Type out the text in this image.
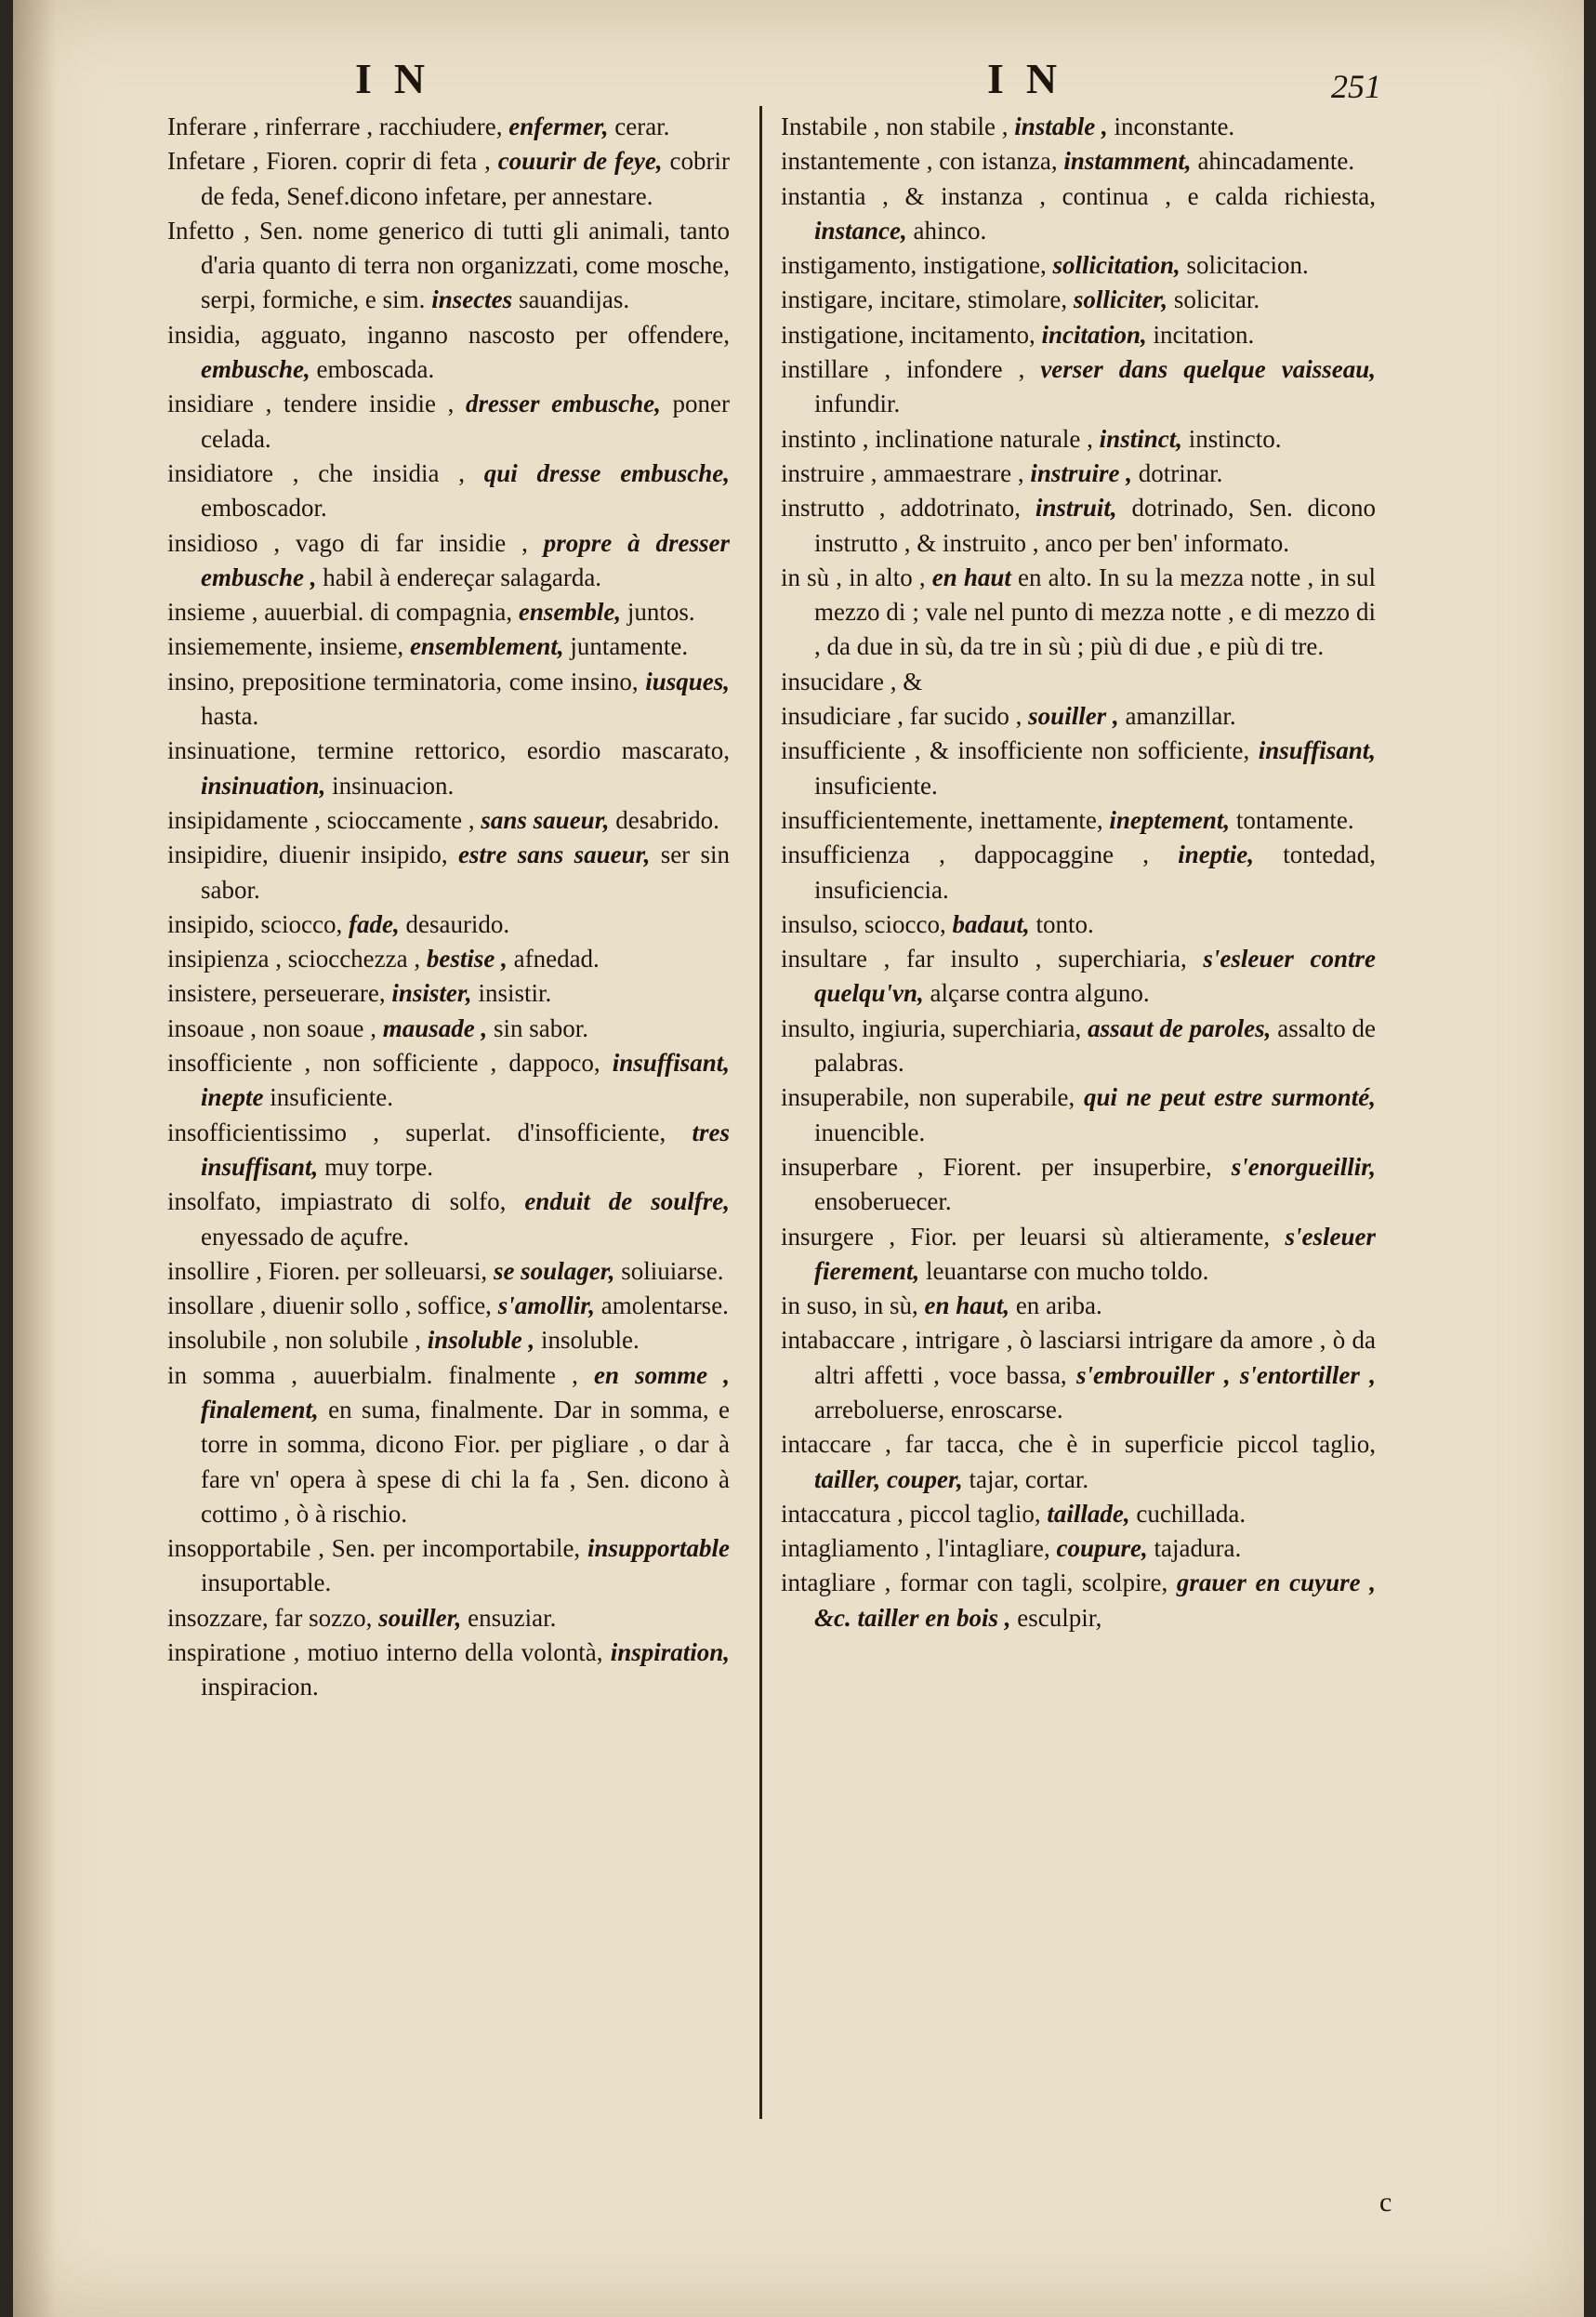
IN	IN	251
Inferare , rinferrare , racchiudere, enfermer, cerar.
Infetare , Fioren. coprir di feta , couurir de feye, cobrir de feda, Senef.dicono infetare, per annestare.
Infetto , Sen. nome generico di tutti gli animali, tanto d'aria quanto di terra non organizzati, come mosche, serpi, formiche, e sim. insectes sauandijas.
insidia, agguato, inganno nascosto per offendere, embusche, emboscada.
insidiare , tendere insidie , dresser embusche, poner celada.
insidiatore , che insidia , qui dresse embusche, emboscador.
insidioso , vago di far insidie , propre à dresser embusche , habil à endereçar salagarda.
insieme , auuerbial. di compagnia, ensemble, juntos.
insiememente, insieme, ensemblement, juntamente.
insino, prepositione terminatoria, come insino, iusques, hasta.
insinuatione, termine rettorico, esordio mascarato, insinuation, insinuacion.
insipidamente , scioccamente , sans saueur, desabrido.
insipidire, diuenir insipido, estre sans saueur, ser sin sabor.
insipido, sciocco, fade, desaurido.
insipienza , sciocchezza , bestise , afnedad.
insistere, perseuerare, insister, insistir.
insoaue , non soaue , mausade , sin sabor.
insofficiente , non sofficiente , dappoco, insuffisant, inepte insuficiente.
insofficientissimo , superlat. d'insofficiente, tres insuffisant, muy torpe.
insolfato, impiastrato di solfo, enduit de soulfre, enyessado de açufre.
insollire , Fioren. per solleuarsi, se soulager, soliuiarse.
insollare , diuenir sollo , soffice, s'amollir, amolentarse.
insolubile , non solubile , insoluble , insoluble.
in somma , auuerbialm. finalmente , en somme , finalement, en suma, finalmente. Dar in somma, e torre in somma, dicono Fior. per pigliare , o dar à fare vn' opera à spese di chi la fa , Sen. dicono à cottimo , ò à rischio.
insopportabile , Sen. per incomportabile, insupportable insuportable.
insozzare, far sozzo, souiller, ensuziar.
inspiratione , motiuo interno della volontà, inspiration, inspiracion.
Instabile , non stabile , instable , inconstante.
instantemente , con istanza, instamment, ahincadamente.
instantia , & instanza , continua , e calda richiesta, instance, ahinco.
instigamento, instigatione, sollicitation, solicitacion.
instigare, incitare, stimolare, solliciter, solicitar.
instigatione, incitamento, incitation, incitation.
instillare , infondere , verser dans quelque vaisseau, infundir.
instinto , inclinatione naturale , instinct, instincto.
instruire , ammaestrare , instruire , dotrinar.
instrutto , addotrinato, instruit, dotrinado, Sen. dicono instrutto , & instruito , anco per ben' informato.
in sù , in alto , en haut en alto. In su la mezza notte , in sul mezzo di ; vale nel punto di mezza notte , e di mezzo di , da due in sù, da tre in sù ; più di due , e più di tre.
insucidare , &
insudiciare , far sucido , souiller , amanzillar.
insufficiente , & insofficiente non sofficiente, insuffisant, insuficiente.
insufficientemente, inettamente, ineptement, tontamente.
insufficienza , dappocaggine , ineptie, tontedad, insuficiencia.
insulso, sciocco, badaut, tonto.
insultare , far insulto , superchiaria, s'esleuer contre quelqu'vn, alçarse contra alguno.
insulto, ingiuria, superchiaria, assaut de paroles, assalto de palabras.
insuperabile, non superabile, qui ne peut estre surmonté, inuencible.
insuperbare , Fiorent. per insuperbire, s'enorgueillir, ensoberuecer.
insurgere , Fior. per leuarsi sù altieramente, s'esleuer fierement, leuantarse con mucho toldo.
in suso, in sù, en haut, en ariba.
intabaccare , intrigare , ò lasciarsi intrigare da amore , ò da altri affetti , voce bassa, s'embrouiller , s'entortiller , arreboluerse, enroscarse.
intaccare , far tacca, che è in superficie piccol taglio, tailler, couper, tajar, cortar.
intaccatura , piccol taglio, taillade, cuchillada.
intagliamento , l'intagliare, coupure, tajadura.
intagliare , formar con tagli, scolpire, grauer en cuyure , &c. tailler en bois , esculpir,
c
